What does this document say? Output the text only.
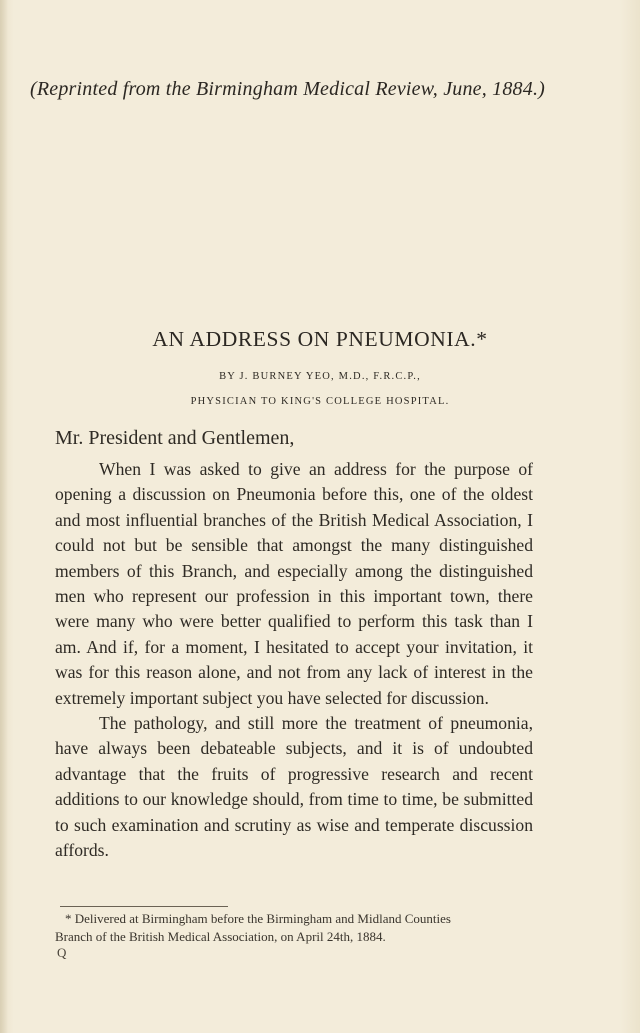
(Reprinted from the Birmingham Medical Review, June, 1884.)
AN ADDRESS ON PNEUMONIA.*
BY J. BURNEY YEO, M.D., F.R.C.P.,
PHYSICIAN TO KING'S COLLEGE HOSPITAL.
Mr. President and Gentlemen,

When I was asked to give an address for the purpose of opening a discussion on Pneumonia before this, one of the oldest and most influential branches of the British Medical Association, I could not but be sensible that amongst the many distinguished members of this Branch, and especially among the distinguished men who represent our profession in this important town, there were many who were better qualified to perform this task than I am. And if, for a moment, I hesitated to accept your invitation, it was for this reason alone, and not from any lack of interest in the extremely important subject you have selected for discussion.

The pathology, and still more the treatment of pneumonia, have always been debateable subjects, and it is of undoubted advantage that the fruits of progressive research and recent additions to our knowledge should, from time to time, be submitted to such examination and scrutiny as wise and temperate discussion affords.

* Delivered at Birmingham before the Birmingham and Midland Counties
Branch of the British Medical Association, on April 24th, 1884.
Q
